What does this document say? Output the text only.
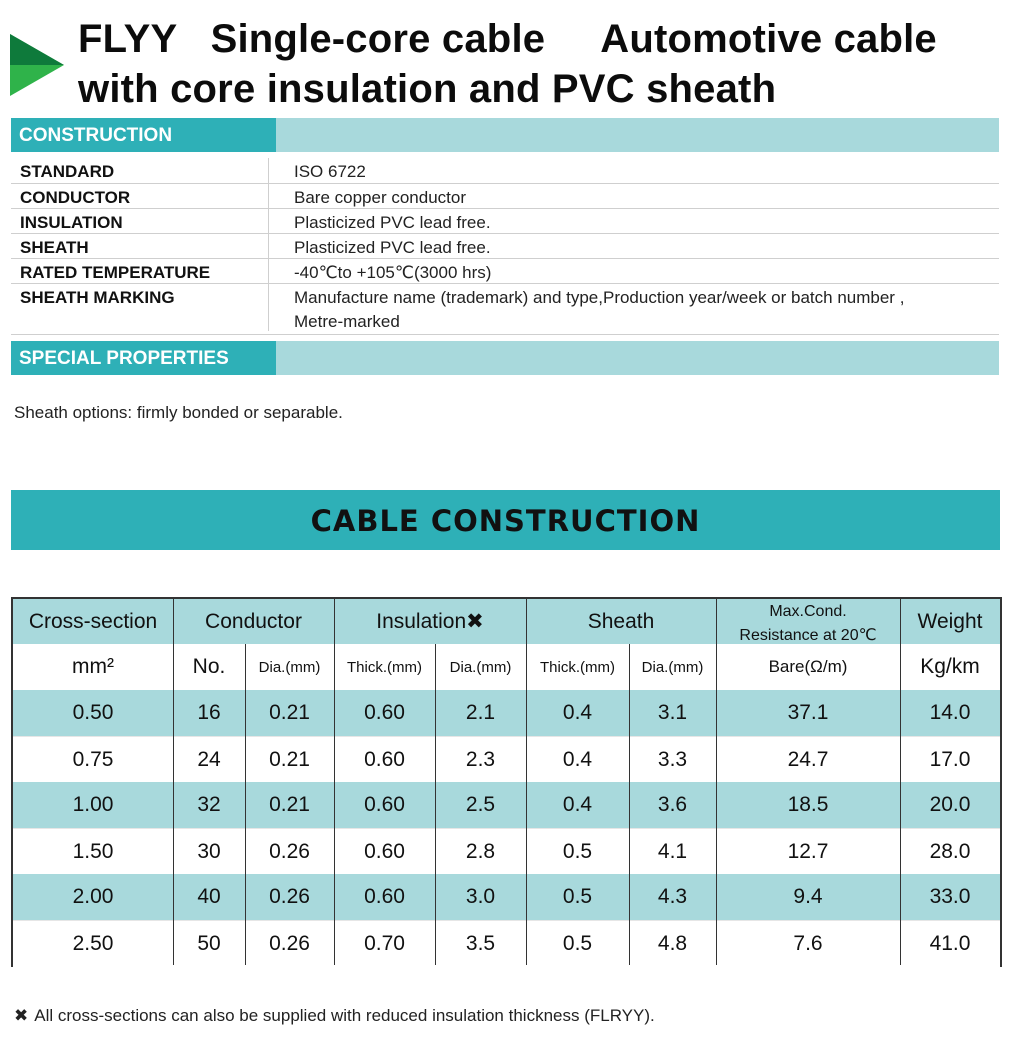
FLYY   Single-core cable     Automotive cable
with core insulation and PVC sheath
CONSTRUCTION
STANDARD	ISO 6722
CONDUCTOR	Bare copper conductor
INSULATION	Plasticized PVC lead free.
SHEATH	Plasticized PVC lead free.
RATED TEMPERATURE	-40℃to +105℃(3000 hrs)
SHEATH MARKING	Manufacture name (trademark) and type,Production year/week or batch number ,
Metre-marked
SPECIAL PROPERTIES
Sheath options: firmly bonded or separable.
CABLE CONSTRUCTION
Cross-section	Conductor	Insulation ✖	Sheath	Max.Cond.
Resistance at 20℃
Weight
mm²	No.	Dia.(mm)	Thick.(mm)	Dia.(mm)	Thick.(mm)	Dia.(mm)	Bare(Ω/m)	Kg/km
0.50	16	0.21	0.60	2.1	0.4	3.1	37.1	14.0
0.75	24	0.21	0.60	2.3	0.4	3.3	24.7	17.0
1.00	32	0.21	0.60	2.5	0.4	3.6	18.5	20.0
1.50	30	0.26	0.60	2.8	0.5	4.1	12.7	28.0
2.00	40	0.26	0.60	3.0	0.5	4.3	9.4	33.0
2.50	50	0.26	0.70	3.5	0.5	4.8	7.6	41.0
✖ All cross-sections can also be supplied with reduced insulation thickness (FLRYY).
